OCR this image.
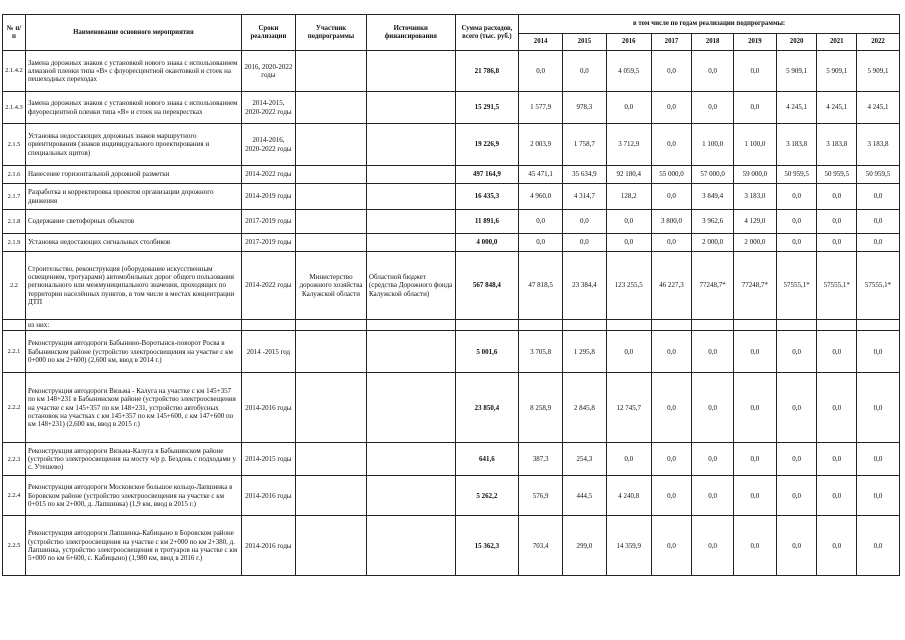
№ п/п	Наименование основного мероприятия	Сроки реализации	Участник подпрограммы	Источники финансирования	Сумма расходов, всего (тыс. руб.)	в том числе по годам реализации подпрограммы:								
						2014	2015	2016	2017	2018	2019	2020	2021	2022
2.1.4.2	Замена дорожных знаков с установкой нового знака с использованием алмазной пленки типа «В» с флуоресцентной окантовкой и стоек на пешеходных переходах	2016, 2020-2022 годы			21 786,8	0,0	0,0	4 059,5	0,0	0,0	0,0	5 909,1	5 909,1	5 909,1
2.1.4.3	Замена дорожных знаков с установкой нового знака с использованием флуоресцентной пленки типа «В» и стоек на перекрестках	2014-2015, 2020-2022 годы			15 291,5	1 577,9	978,3	0,0	0,0	0,0	0,0	4 245,1	4 245,1	4 245,1
2.1.5	Установка недостающих дорожных знаков маршрутного ориентирования (знаков индивидуального проектирования и специальных щитов)	2014-2016, 2020-2022 годы			19 226,9	2 003,9	1 758,7	3 712,9	0,0	1 100,0	1 100,0	3 183,8	3 183,8	3 183,8
2.1.6	Нанесение горизонтальной дорожной разметки	2014-2022 годы			497 164,9	45 471,1	35 634,9	92 180,4	55 000,0	57 000,0	59 000,0	50 959,5	50 959,5	50 959,5
2.1.7	Разработка и корректировка проектов организации дорожного движения	2014-2019 годы			16 435,3	4 960,0	4 314,7	128,2	0,0	3 849,4	3 183,0	0,0	0,0	0,0
2.1.8	Содержание светофорных объектов	2017-2019 годы			11 891,6	0,0	0,0	0,0	3 800,0	3 962,6	4 129,0	0,0	0,0	0,0
2.1.9	Установка недостающих сигнальных столбиков	2017-2019 годы			4 000,0	0,0	0,0	0,0	0,0	2 000,0	2 000,0	0,0	0,0	0,0
2.2	Строительство, реконструкция (оборудование искусственным освещением, тротуарами) автомобильных дорог общего пользования регионального или межмуниципального значения, проходящих по территории населённых пунктов, в том числе в местах концентрации ДТП	2014-2022 годы	Министерство дорожного хозяйства Калужской области	Областной бюджет (средства Дорожного фонда Калужской области)	567 848,4	47 818,5	23 384,4	123 255,5	46 227,3	77248,7*	77248,7*	57555,1*	57555,1*	57555,1*
	из них:													
2.2.1	Реконструкция автодороги Бабынино-Воротынск-поворот Росва в Бабынинском районе (устройство электроосвещения на участке с км 0+000 по км 2+600) (2,600 км, ввод в 2014 г.)	2014 -2015 год			5 001,6	3 705,8	1 295,8	0,0	0,0	0,0	0,0	0,0	0,0	0,0
2.2.2	Реконструкция автодороги Вязьма - Калуга на участке с км 145+357 по км 148+231 в Бабынинском районе (устройство электроосвещения на участке с км 145+357 по км 148+231, устройство автобусных остановок на участках с км 145+357 по км 145+600, с км 147+600 по км 148+231) (2,600 км, ввод в 2015 г.)	2014-2016 годы			23 850,4	8 258,9	2 845,8	12 745,7	0,0	0,0	0,0	0,0	0,0	0,0
2.2.3	Реконструкция автодороги Вязьма-Калуга в Бабынинском районе (устройство электроосвещения на мосту ч/р р. Бездонь с подходами у с. Утешево)	2014-2015 годы			641,6	387,3	254,3	0,0	0,0	0,0	0,0	0,0	0,0	0,0
2.2.4	Реконструкция автодороги Московское большое кольцо-Лапшинка в Боровском районе (устройство электроосвещения на участке с км 0+015 по км 2+000, д. Лапшинка) (1,9 км, ввод в 2015 г.)	2014-2016 годы			5 262,2	576,9	444,5	4 240,8	0,0	0,0	0,0	0,0	0,0	0,0
2.2.5	Реконструкция автодороги Лапшинка-Кабицыно в Боровском районе (устройство электроосвещения на участке с км 2+000 по км 2+380, д. Лапшинка, устройство электроосвещения и тротуаров на участке с км 5+000 по км 6+600, с. Кабицыно) (1,980 км, ввод в 2016 г.)	2014-2016 годы			15 362,3	703,4	299,0	14 359,9	0,0	0,0	0,0	0,0	0,0	0,0
